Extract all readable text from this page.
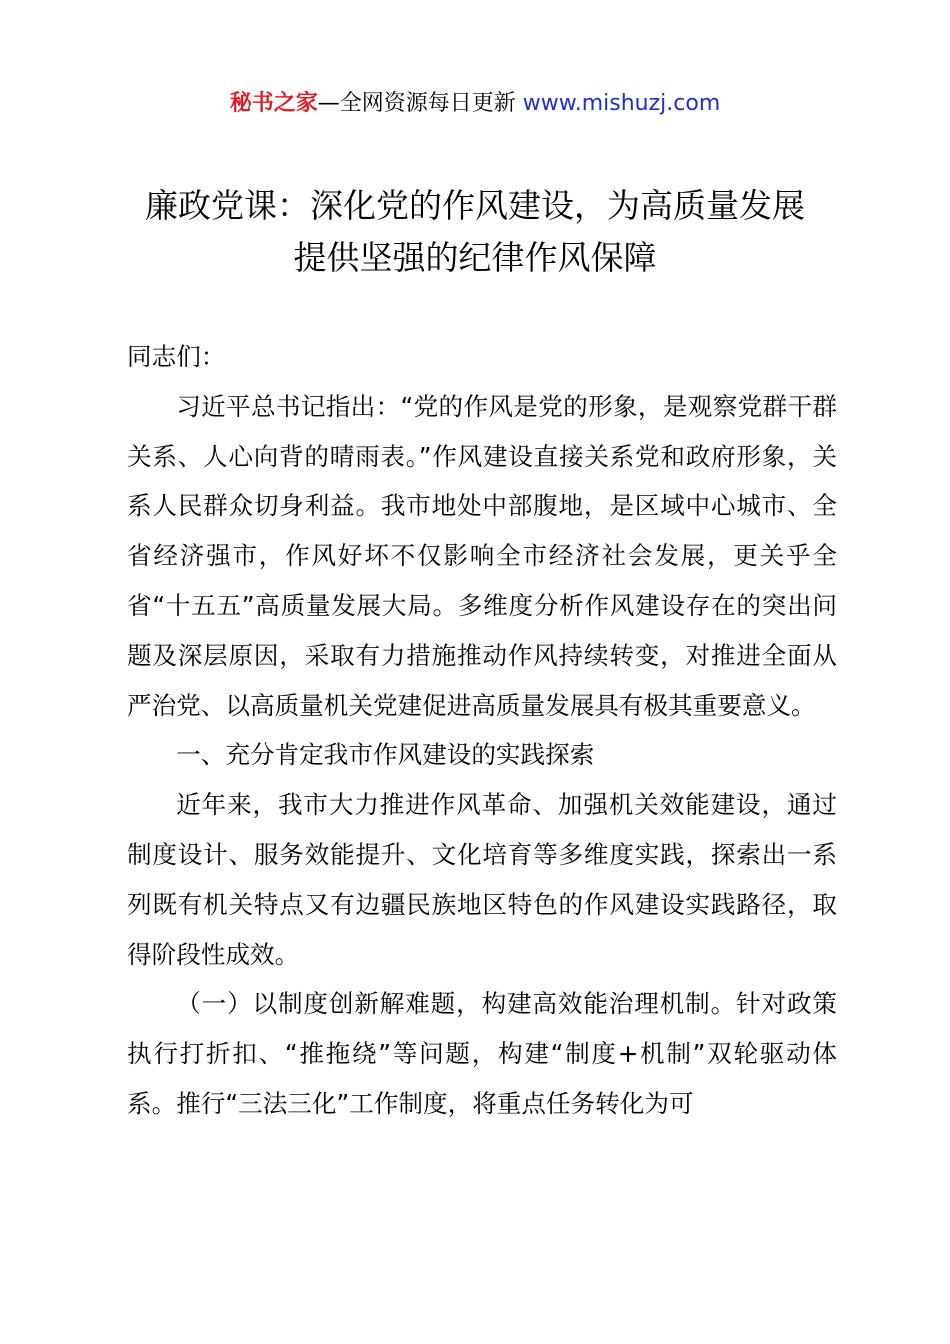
秘书之家—全网资源每日更新 www.mishuzj.com
廉政党课：深化党的作风建设，为高质量发展
提供坚强的纪律作风保障

同志们：

习近平总书记指出：“党的作风是党的形象，是观察党群干群关系、人心向背的晴雨表。”作风建设直接关系党和政府形象，关系人民群众切身利益。我市地处中部腹地，是区域中心城市、全省经济强市，作风好坏不仅影响全市经济社会发展，更关乎全省“十五五”高质量发展大局。多维度分析作风建设存在的突出问题及深层原因，采取有力措施推动作风持续转变，对推进全面从严治党、以高质量机关党建促进高质量发展具有极其重要意义。

一、充分肯定我市作风建设的实践探索

近年来，我市大力推进作风革命、加强机关效能建设，通过制度设计、服务效能提升、文化培育等多维度实践，探索出一系列既有机关特点又有边疆民族地区特色的作风建设实践路径，取得阶段性成效。

（一）以制度创新解难题，构建高效能治理机制。针对政策执行打折扣、“推拖绕”等问题，构建“制度+机制”双轮驱动体系。推行“三法三化”工作制度，将重点任务转化为可
